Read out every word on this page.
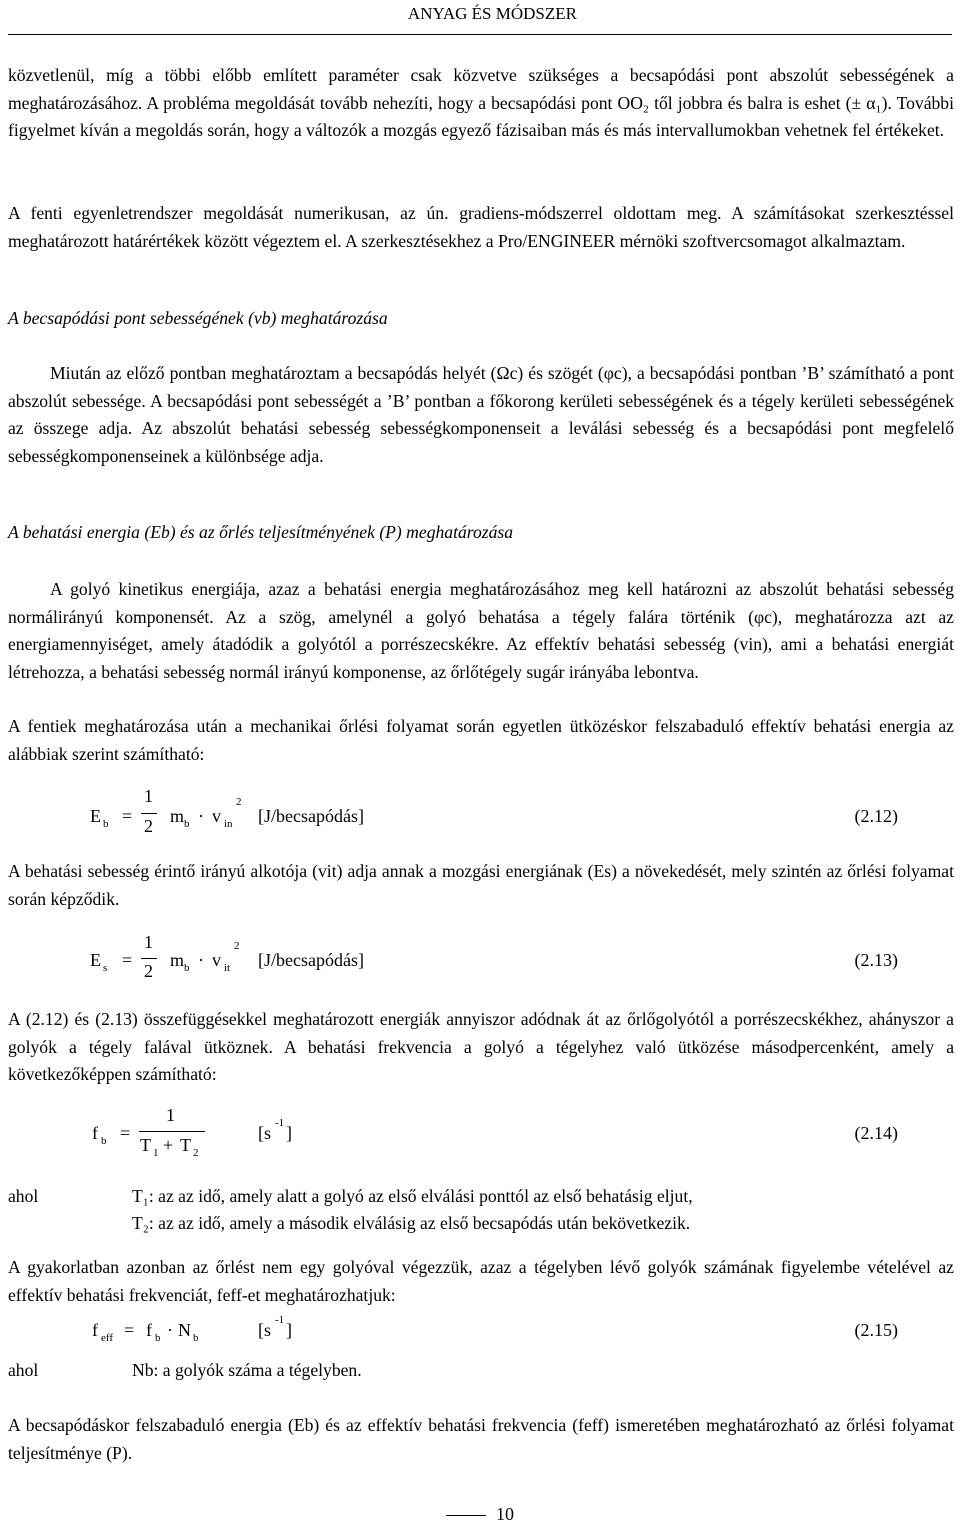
ANYAG ÉS MÓDSZER
közvetlenül, míg a többi előbb említett paraméter csak közvetve szükséges a becsapódási pont abszolút sebességének a meghatározásához. A probléma megoldását tovább nehezíti, hogy a becsapódási pont OO₂ től jobbra és balra is eshet (± α₁). További figyelmet kíván a megoldás során, hogy a változók a mozgás egyező fázisaiban más és más intervallumokban vehetnek fel értékeket.
A fenti egyenletrendszer megoldását numerikusan, az ún. gradiens-módszerrel oldottam meg. A számításokat szerkesztéssel meghatározott határértékek között végeztem el. A szerkesztésekhez a Pro/ENGINEER mérnöki szoftvercsomagot alkalmaztam.
A becsapódási pont sebességének (vb) meghatározása
Miután az előző pontban meghatároztam a becsapódás helyét (Ωc) és szögét (φc), a becsapódási pontban ’B’ számítható a pont abszolút sebessége. A becsapódási pont sebességét a ’B’ pontban a főkorong kerületi sebességének és a tégely kerületi sebességének az összege adja. Az abszolút behatási sebesség sebességkomponenseit a leválási sebesség és a becsapódási pont megfelelő sebességkomponenseinek a különbsége adja.
A behatási energia (Eb) és az őrlés teljesítményének (P) meghatározása
A golyó kinetikus energiája, azaz a behatási energia meghatározásához meg kell határozni az abszolút behatási sebesség normálirányú komponensét. Az a szög, amelynél a golyó behatása a tégely falára történik (φc), meghatározza azt az energiamennyiséget, amely átadódik a golyótól a porrészecskékre. Az effektív behatási sebesség (vin), ami a behatási energiát létrehozza, a behatási sebesség normál irányú komponense, az őrlőtégely sugár irányába lebontva.
A fentiek meghatározása után a mechanikai őrlési folyamat során egyetlen ütközéskor felszabaduló effektív behatási energia az alábbiak szerint számítható:
E b =
1
2 m b · v in
2
[J/becsapódás]	(2.12)
A behatási sebesség érintő irányú alkotója (vit) adja annak a mozgási energiának (Es) a növekedését, mely szintén az őrlési folyamat során képződik.
E s =
1
2
m b · v it
2
[J/becsapódás]	(2.13)
A (2.12) és (2.13) összefüggésekkel meghatározott energiák annyiszor adódnak át az őrlőgolyótól a porrészecskékhez, ahányszor a golyók a tégely falával ütköznek. A behatási frekvencia a golyó a tégelyhez való ütközése másodpercenként, amely a következőképpen számítható:
f b =
1
T 1 + T 2
[s -1 ]	(2.14)
ahol	T₁: az az idő, amely alatt a golyó az első elválási ponttól az első behatásig eljut,
T₂: az az idő, amely a második elválásig az első becsapódás után bekövetkezik.
A gyakorlatban azonban az őrlést nem egy golyóval végezzük, azaz a tégelyben lévő golyók számának figyelembe vételével az effektív behatási frekvenciát, feff-et meghatározhatjuk:
f eff = f b · N b	[s -1 ]	(2.15)
ahol	Nb: a golyók száma a tégelyben.
A becsapódáskor felszabaduló energia (Eb) és az effektív behatási frekvencia (feff) ismeretében meghatározható az őrlési folyamat teljesítménye (P).
10
